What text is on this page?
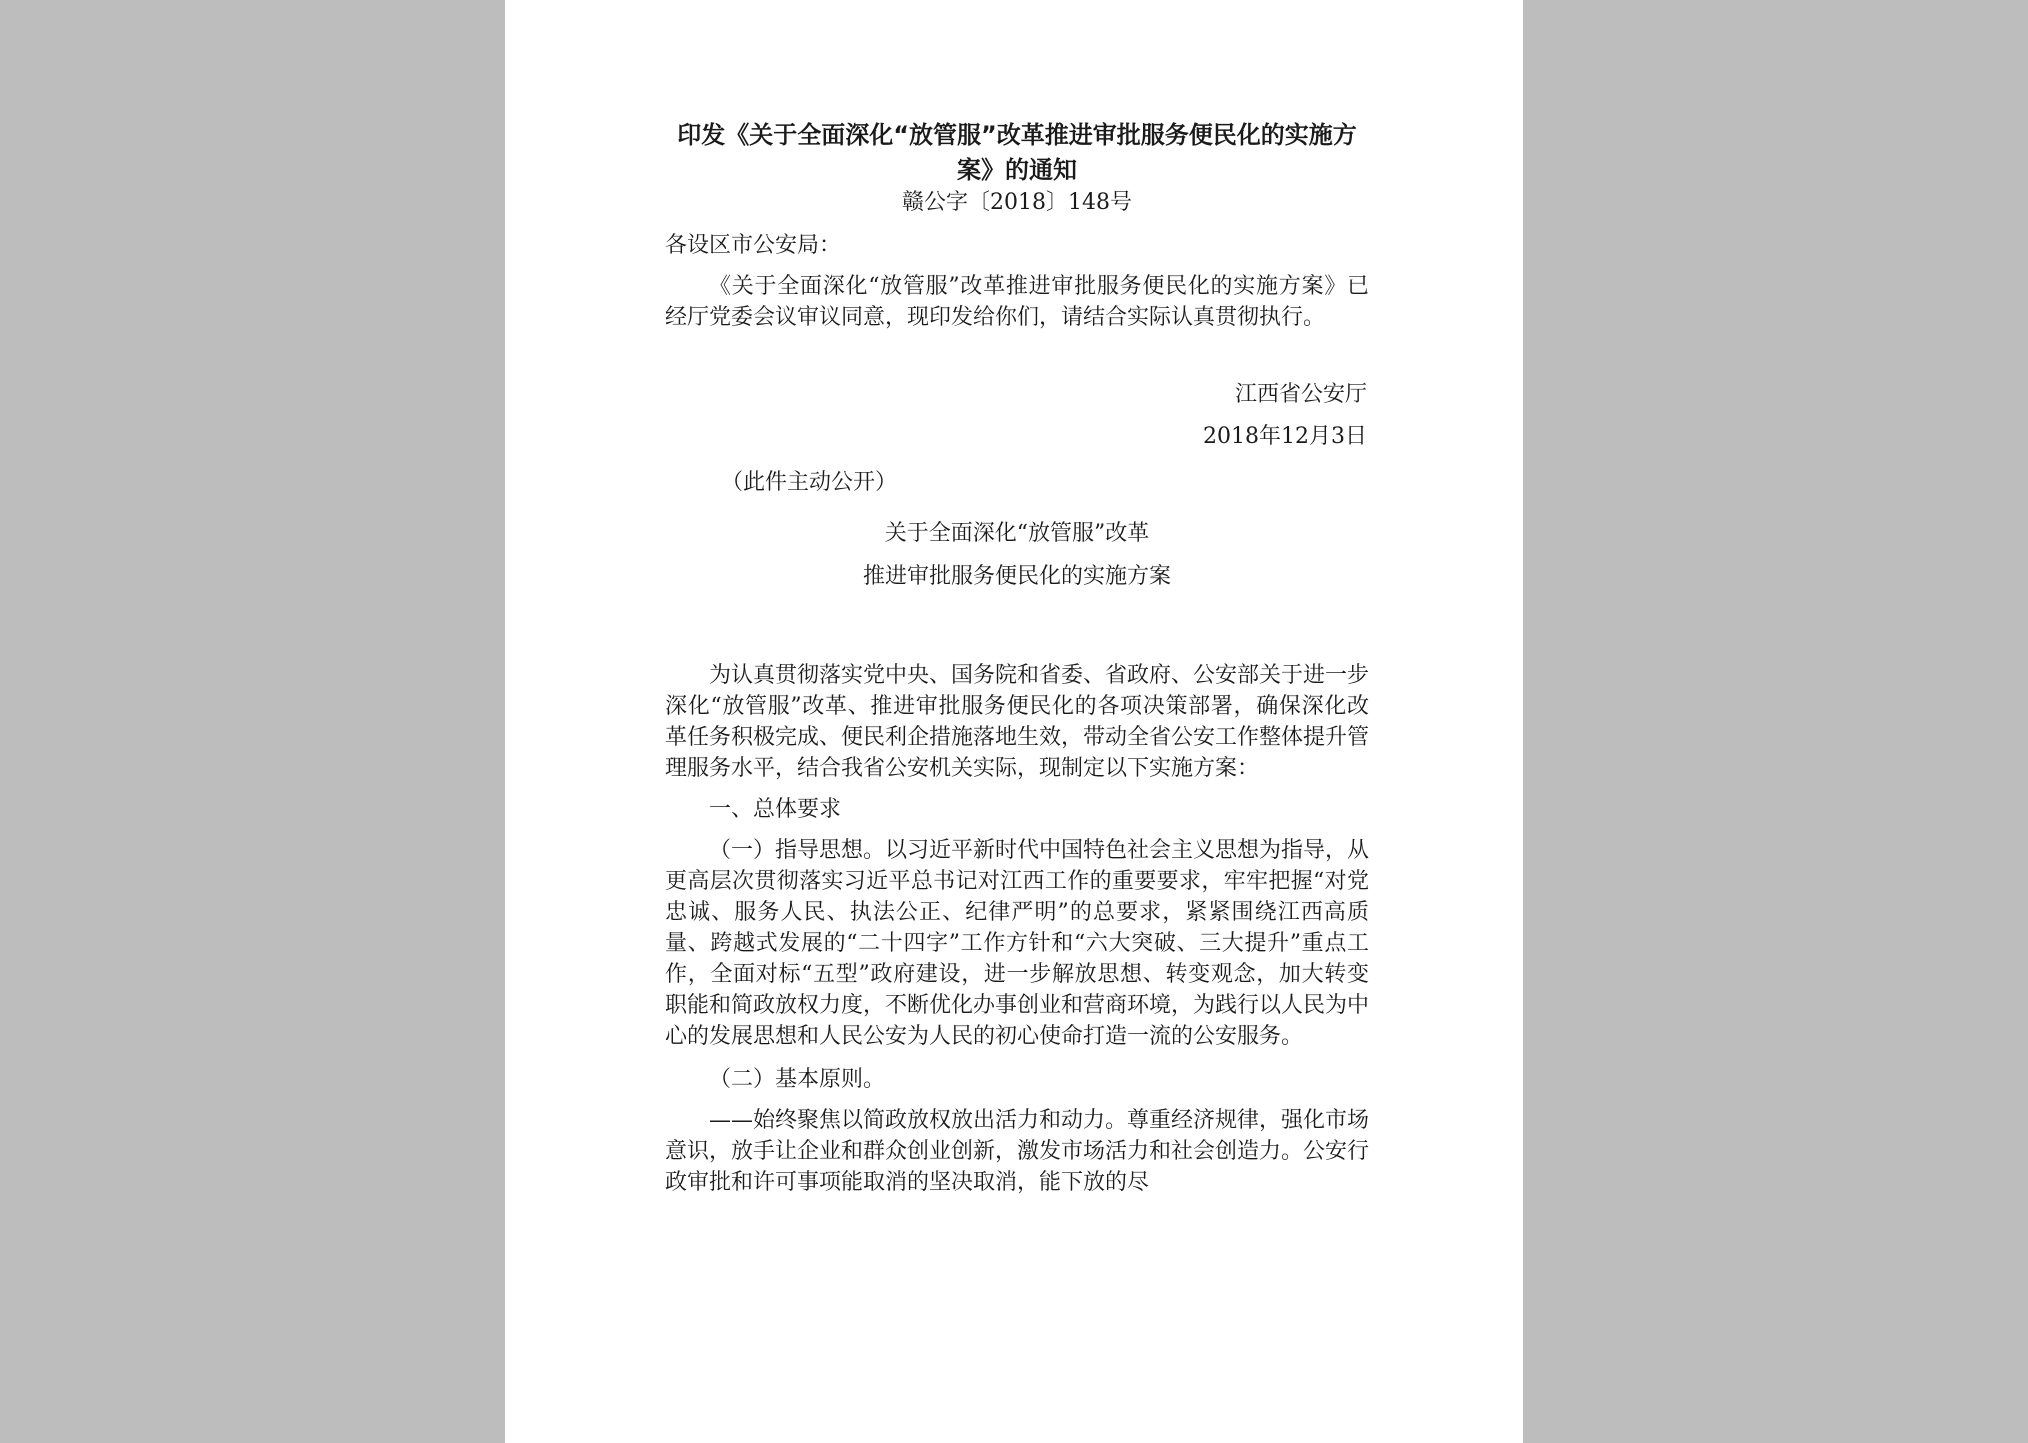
印发《关于全面深化“放管服”改革推进审批服务便民化的实施方
案》的通知
赣公字〔2018〕148号

各设区市公安局：

《关于全面深化“放管服”改革推进审批服务便民化的实施方案》已经厅党委会议审议同意，现印发给你们，请结合实际认真贯彻执行。

江西省公安厅

2018年12月3日

（此件主动公开）

关于全面深化“放管服”改革
推进审批服务便民化的实施方案

为认真贯彻落实党中央、国务院和省委、省政府、公安部关于进一步深化“放管服”改革、推进审批服务便民化的各项决策部署，确保深化改革任务积极完成、便民利企措施落地生效，带动全省公安工作整体提升管理服务水平，结合我省公安机关实际，现制定以下实施方案：

一、总体要求

（一）指导思想。以习近平新时代中国特色社会主义思想为指导，从更高层次贯彻落实习近平总书记对江西工作的重要要求，牢牢把握“对党忠诚、服务人民、执法公正、纪律严明”的总要求，紧紧围绕江西高质量、跨越式发展的“二十四字”工作方针和“六大突破、三大提升”重点工作，全面对标“五型”政府建设，进一步解放思想、转变观念，加大转变职能和简政放权力度，不断优化办事创业和营商环境，为践行以人民为中心的发展思想和人民公安为人民的初心使命打造一流的公安服务。

（二）基本原则。

——始终聚焦以简政放权放出活力和动力。尊重经济规律，强化市场意识，放手让企业和群众创业创新，激发市场活力和社会创造力。公安行政审批和许可事项能取消的坚决取消，能下放的尽
